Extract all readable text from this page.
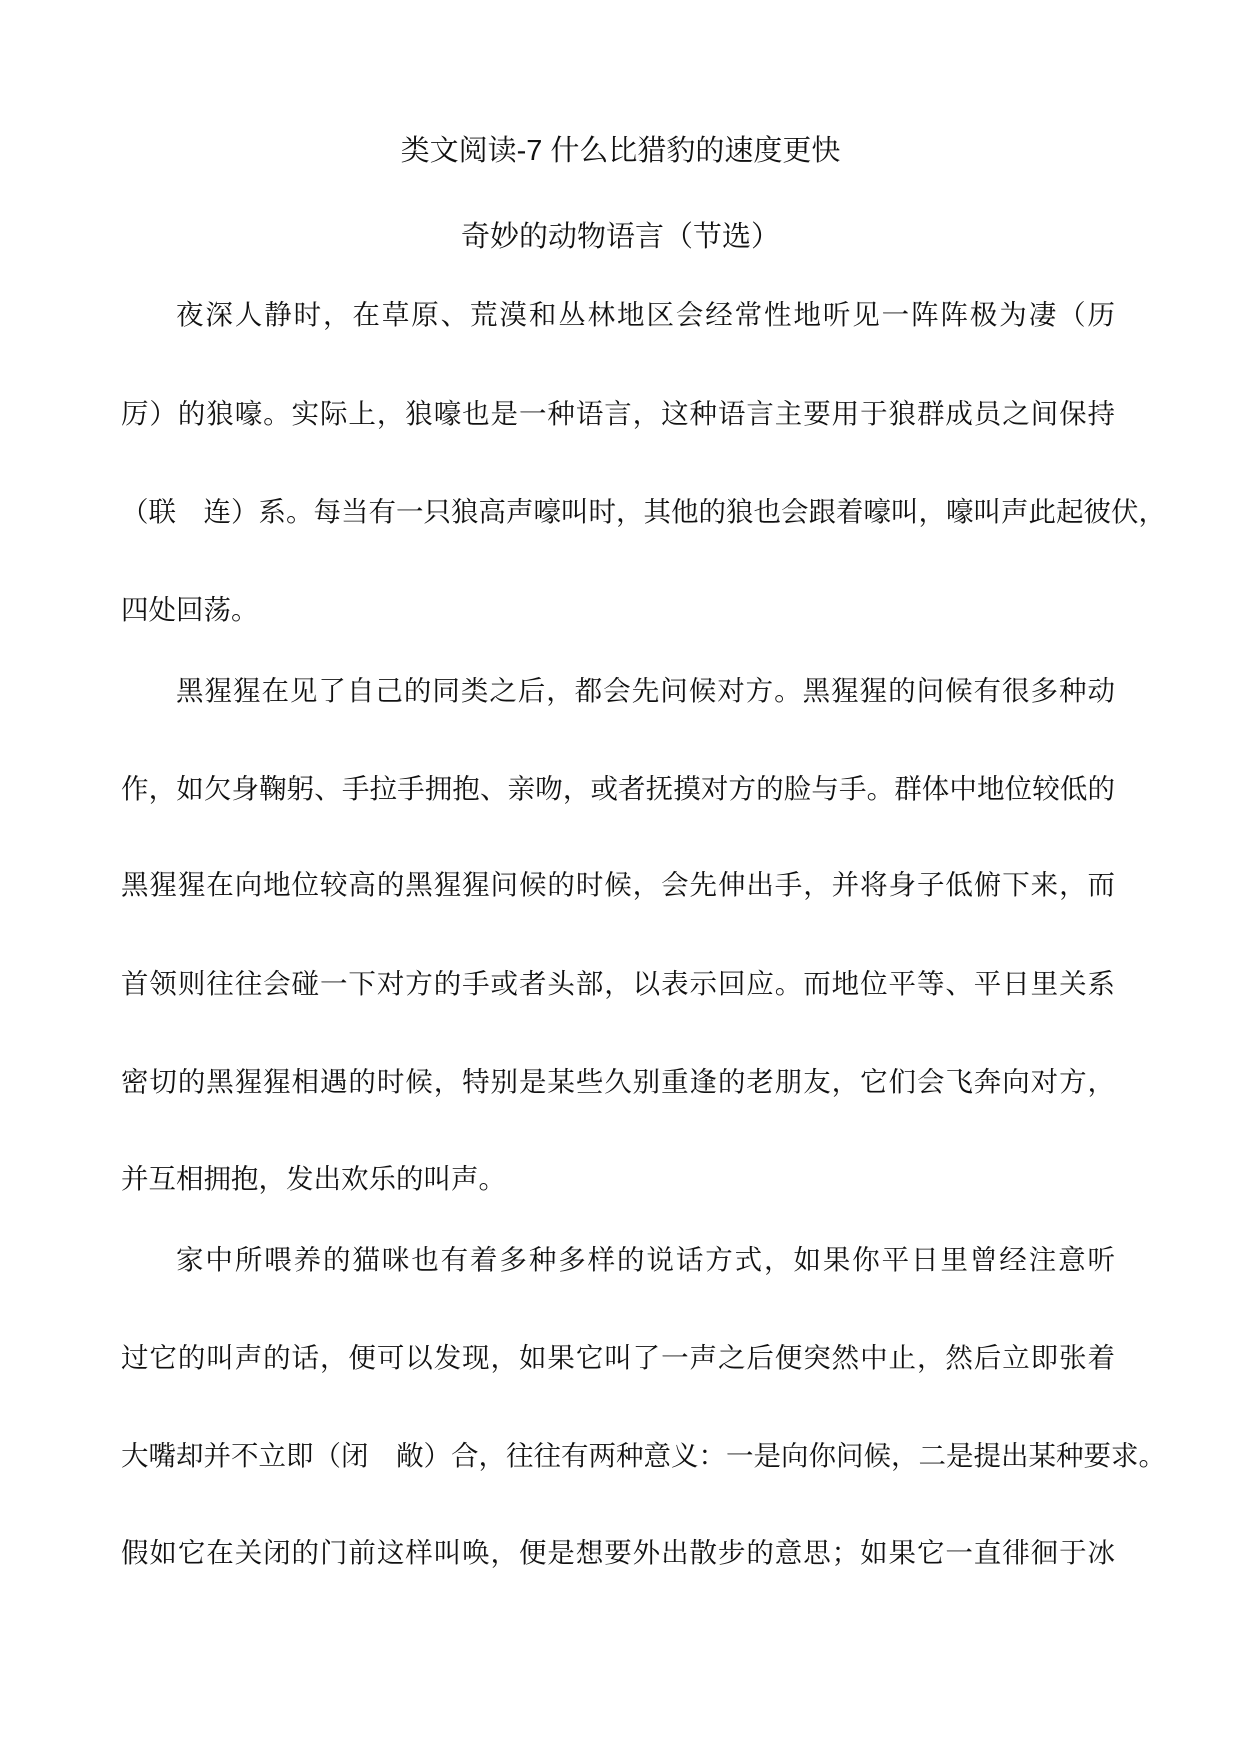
类文阅读-7 什么比猎豹的速度更快
奇妙的动物语言（节选）
夜深人静时，在草原、荒漠和丛林地区会经常性地听见一阵阵极为凄（历
厉）的狼嚎。实际上，狼嚎也是一种语言，这种语言主要用于狼群成员之间保持
（联　连）系。每当有一只狼高声嚎叫时，其他的狼也会跟着嚎叫，嚎叫声此起彼伏，
四处回荡。
黑猩猩在见了自己的同类之后，都会先问候对方。黑猩猩的问候有很多种动
作，如欠身鞠躬、手拉手拥抱、亲吻，或者抚摸对方的脸与手。群体中地位较低的
黑猩猩在向地位较高的黑猩猩问候的时候，会先伸出手，并将身子低俯下来，而
首领则往往会碰一下对方的手或者头部，以表示回应。而地位平等、平日里关系
密切的黑猩猩相遇的时候，特别是某些久别重逢的老朋友，它们会飞奔向对方，
并互相拥抱，发出欢乐的叫声。
家中所喂养的猫咪也有着多种多样的说话方式，如果你平日里曾经注意听
过它的叫声的话，便可以发现，如果它叫了一声之后便突然中止，然后立即张着
大嘴却并不立即（闭　敞）合，往往有两种意义：一是向你问候，二是提出某种要求。
假如它在关闭的门前这样叫唤，便是想要外出散步的意思；如果它一直徘徊于冰
